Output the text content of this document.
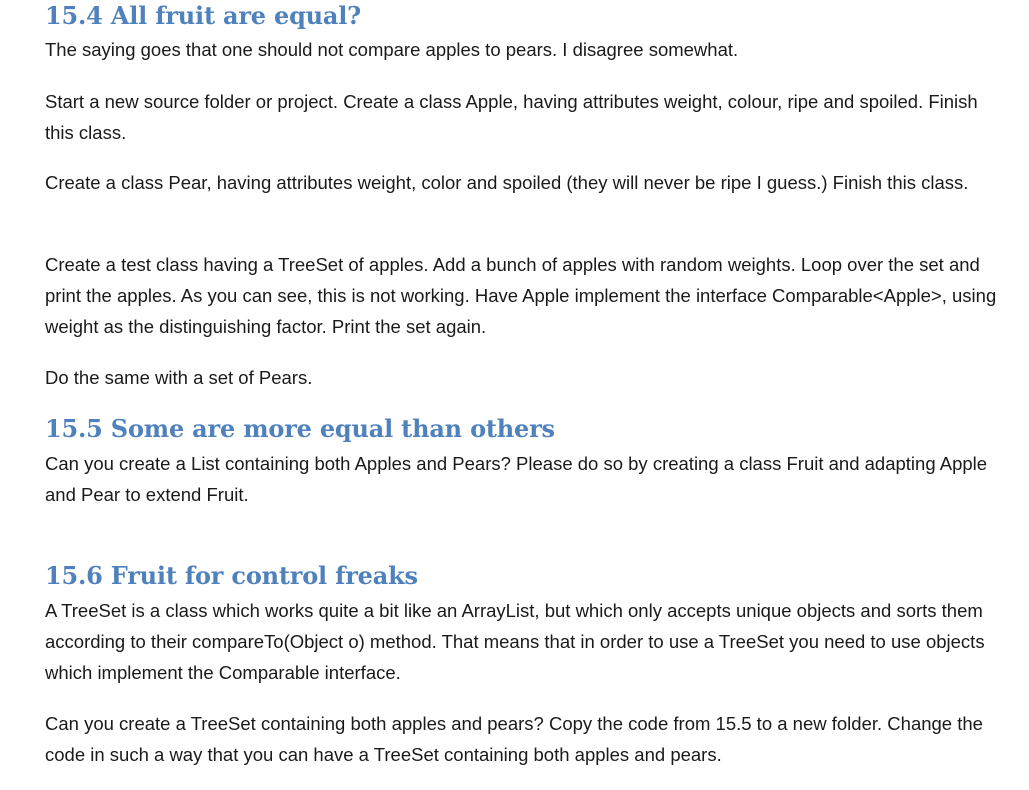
15.4 All fruit are equal?

The saying goes that one should not compare apples to pears. I disagree somewhat.

Start a new source folder or project. Create a class Apple, having attributes weight, colour, ripe and spoiled. Finish this class.

Create a class Pear, having attributes weight, color and spoiled (they will never be ripe I guess.) Finish this class.

Create a test class having a TreeSet of apples. Add a bunch of apples with random weights. Loop over the set and print the apples. As you can see, this is not working. Have Apple implement the interface Comparable<Apple>, using weight as the distinguishing factor. Print the set again.

Do the same with a set of Pears.

15.5 Some are more equal than others

Can you create a List containing both Apples and Pears? Please do so by creating a class Fruit and adapting Apple and Pear to extend Fruit.

15.6 Fruit for control freaks

A TreeSet is a class which works quite a bit like an ArrayList, but which only accepts unique objects and sorts them according to their compareTo(Object o) method. That means that in order to use a TreeSet you need to use objects which implement the Comparable interface.

Can you create a TreeSet containing both apples and pears? Copy the code from 15.5 to a new folder. Change the code in such a way that you can have a TreeSet containing both apples and pears.
